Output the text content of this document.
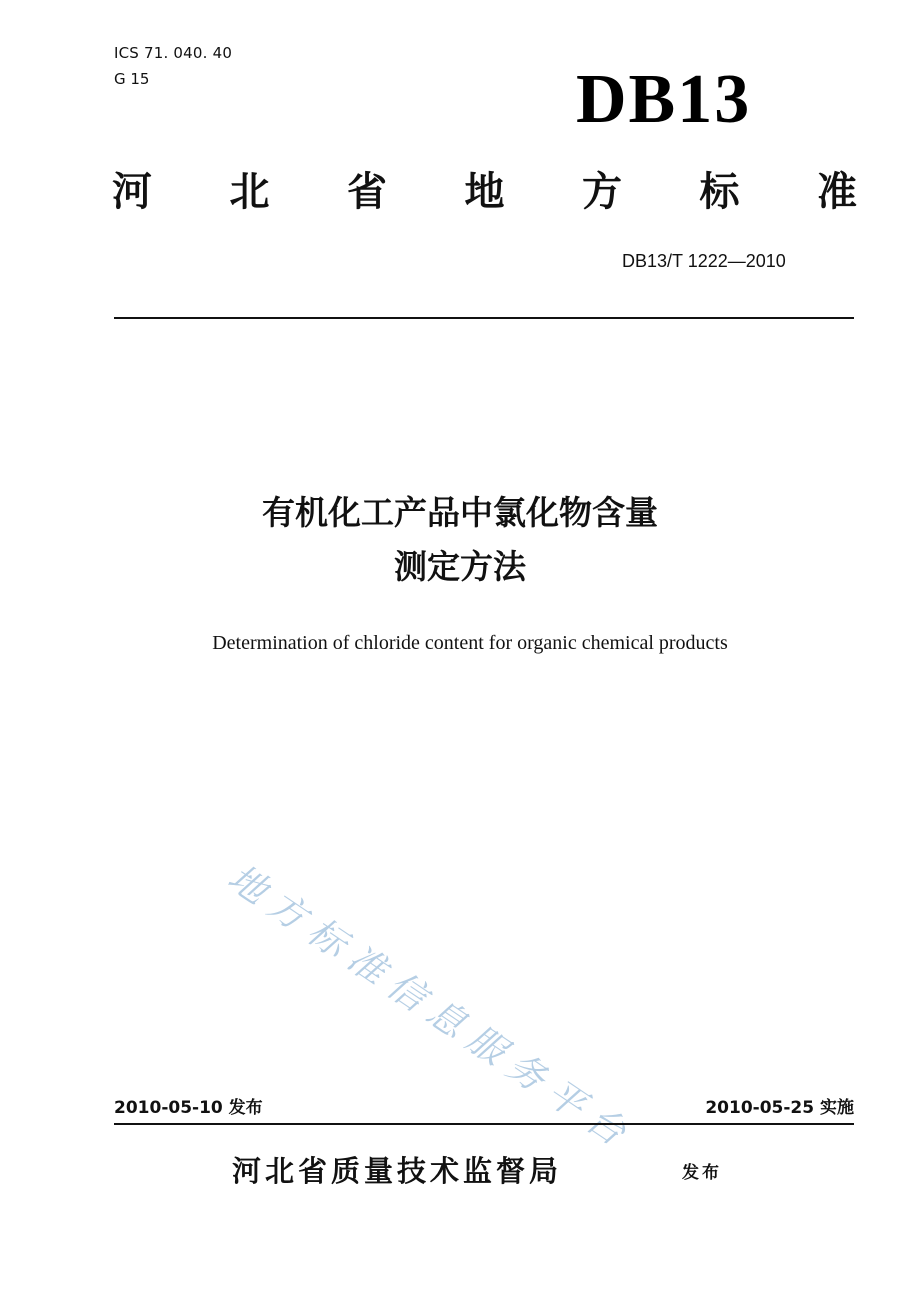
ICS 71. 040. 40
G 15	DB13
河 北 省 地 方 标 准
DB13/T 1222—2010
有机化工产品中氯化物含量
测定方法
Determination of chloride content for organic chemical products
地方标准信息服务平台
2010-05-10 发布	2010-05-25 实施
河北省质量技术监督局	发布
